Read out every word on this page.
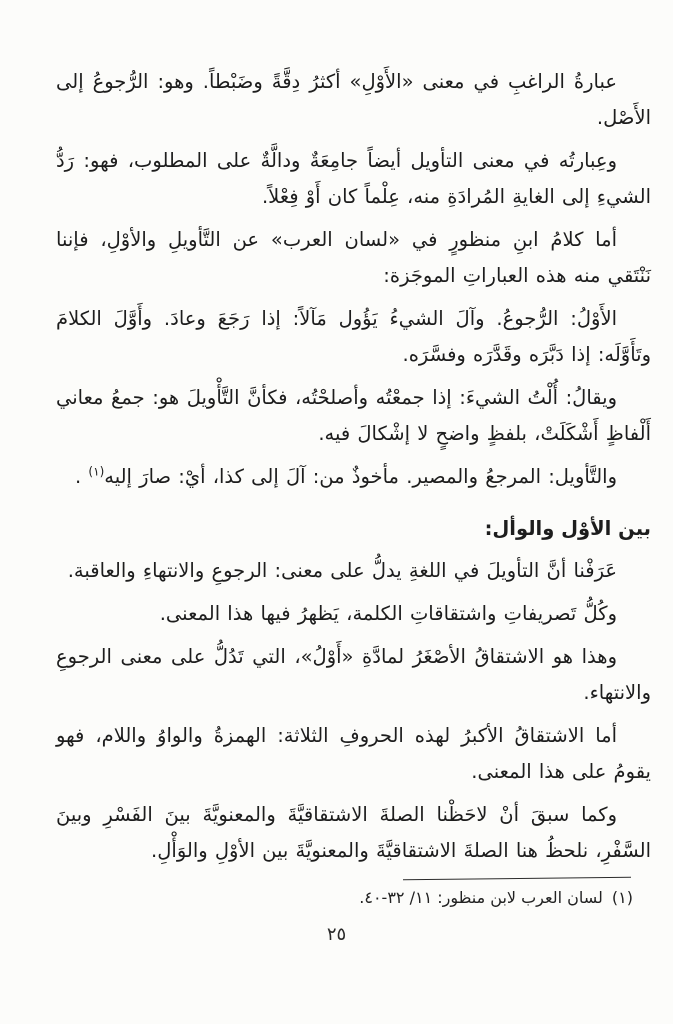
عبارةُ الراغبِ في معنى «الأَوْلِ» أكثرُ دِقَّةً وضَبْطاً. وهو: الرُّجوعُ إلى الأَصْل.

وعِبارتُه في معنى التأويل أيضاً جامِعَةٌ ودالَّةٌ على المطلوب، فهو: رَدُّ الشيءِ إلى الغايةِ المُرادَةِ منه، عِلْماً كان أَوْ فِعْلاً.

أما كلامُ ابنِ منظورٍ في «لسان العرب» عن التَّأويلِ والأوْلِ، فإننا نَنْتَقي منه هذه العباراتِ الموجَزة:

الأَوْلُ: الرُّجوعُ. وآلَ الشيءُ يَؤُول مَآلاً: إذا رَجَعَ وعادَ. وأَوَّلَ الكلامَ وتَأَوَّلَه: إذا دَبَّرَه وقَدَّرَه وفسَّرَه.

ويقالُ: أُلْتُ الشيءَ: إذا جمعْتُه وأصلحْتُه، فكأنَّ التَّأْويلَ هو: جمعُ معاني أَلْفاظٍ أَشْكَلَتْ، بلفظٍ واضحٍ لا إشْكالَ فيه.

والتَّأويل: المرجعُ والمصير. مأخوذٌ من: آلَ إلى كذا، أيْ: صارَ إليه$^{(١)}$ .

بين الأوْل والوأل:

عَرَفْنا أنَّ التأويلَ في اللغةِ يدلُّ على معنى: الرجوعِ والانتهاءِ والعاقبة.

وكُلُّ تَصريفاتِ واشتقاقاتِ الكلمة، يَظهرُ فيها هذا المعنى.

وهذا هو الاشتقاقُ الأصْغَرُ لمادَّةِ «أَوْلُ»، التي تَدُلُّ على معنى الرجوعِ والانتهاء.

أما الاشتقاقُ الأكبرُ لهذه الحروفِ الثلاثة: الهمزةُ والواوُ واللام، فهو يقومُ على هذا المعنى.

وكما سبقَ أنْ لاحَظْنا الصلةَ الاشتقاقيَّةَ والمعنويَّةَ بينَ الفَسْرِ وبينَ السَّفْرِ، نلحظُ هنا الصلةَ الاشتقاقيَّةَ والمعنويَّةَ بين الأوْلِ والوَأْلِ.

(١)لسان العرب لابن منظور: ١١/ ٣٢-٤٠.
٢٥
